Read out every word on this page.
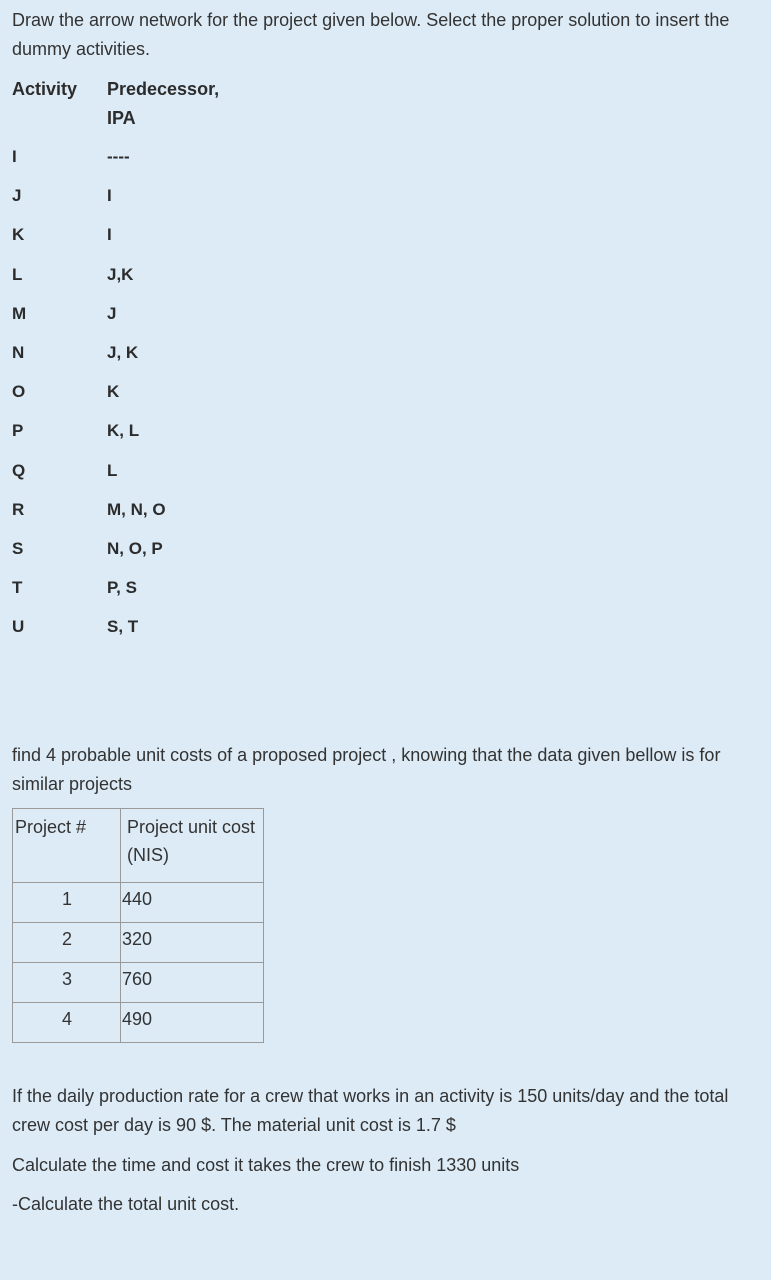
Draw the arrow network for the project given below. Select the proper solution to insert the dummy activities.
Activity Predecessor,
IPA
I	----
J	I
K	I
L	J,K
M	J
N	J, K
O	K
P	K, L
Q	L
R	M, N, O
S	N, O, P
T	P, S
U	S, T
find 4 probable unit costs of a proposed project , knowing that the data given bellow is for similar projects
Project #	Project unit cost (NIS)
1	440
2	320
3	760
4	490
If the daily production rate for a crew that works in an activity is 150 units/day and the total crew cost per day is 90 $. The material unit cost is 1.7 $
Calculate the time and cost it takes the crew to finish 1330 units
-Calculate the total unit cost.
